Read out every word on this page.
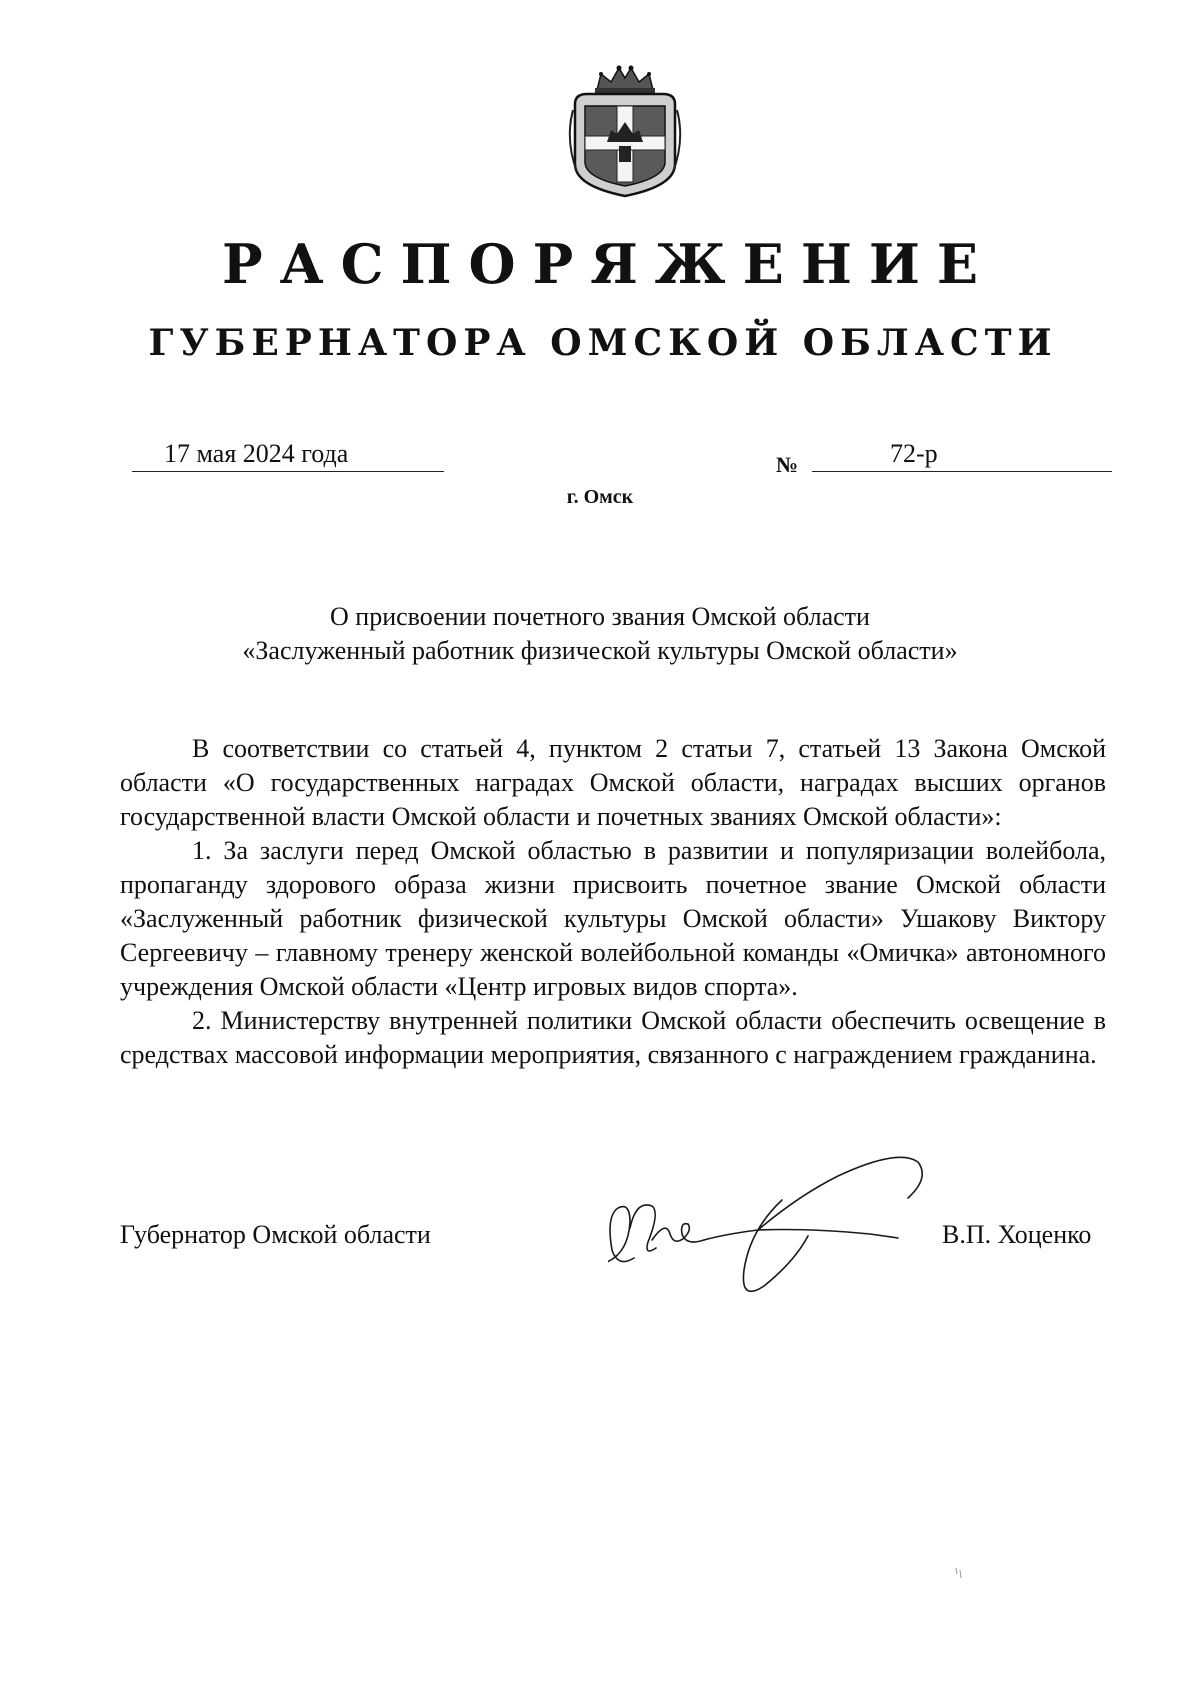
РАСПОРЯЖЕНИЕ
ГУБЕРНАТОРА ОМСКОЙ ОБЛАСТИ
17 мая 2024 года	№	72-р
г. Омск
О присвоении почетного звания Омской области
«Заслуженный работник физической культуры Омской области»

В соответствии со статьей 4, пунктом 2 статьи 7, статьей 13 Закона Омской области «О государственных наградах Омской области, наградах высших органов государственной власти Омской области и почетных званиях Омской области»:

1. За заслуги перед Омской областью в развитии и популяризации волейбола, пропаганду здорового образа жизни присвоить почетное звание Омской области «Заслуженный работник физической культуры Омской области» Ушакову Виктору Сергеевичу – главному тренеру женской волейбольной команды «Омичка» автономного учреждения Омской области «Центр игровых видов спорта».

2. Министерству внутренней политики Омской области обеспечить освещение в средствах массовой информации мероприятия, связанного с награждением гражданина.

Губернатор Омской области	В.П. Хоценко
